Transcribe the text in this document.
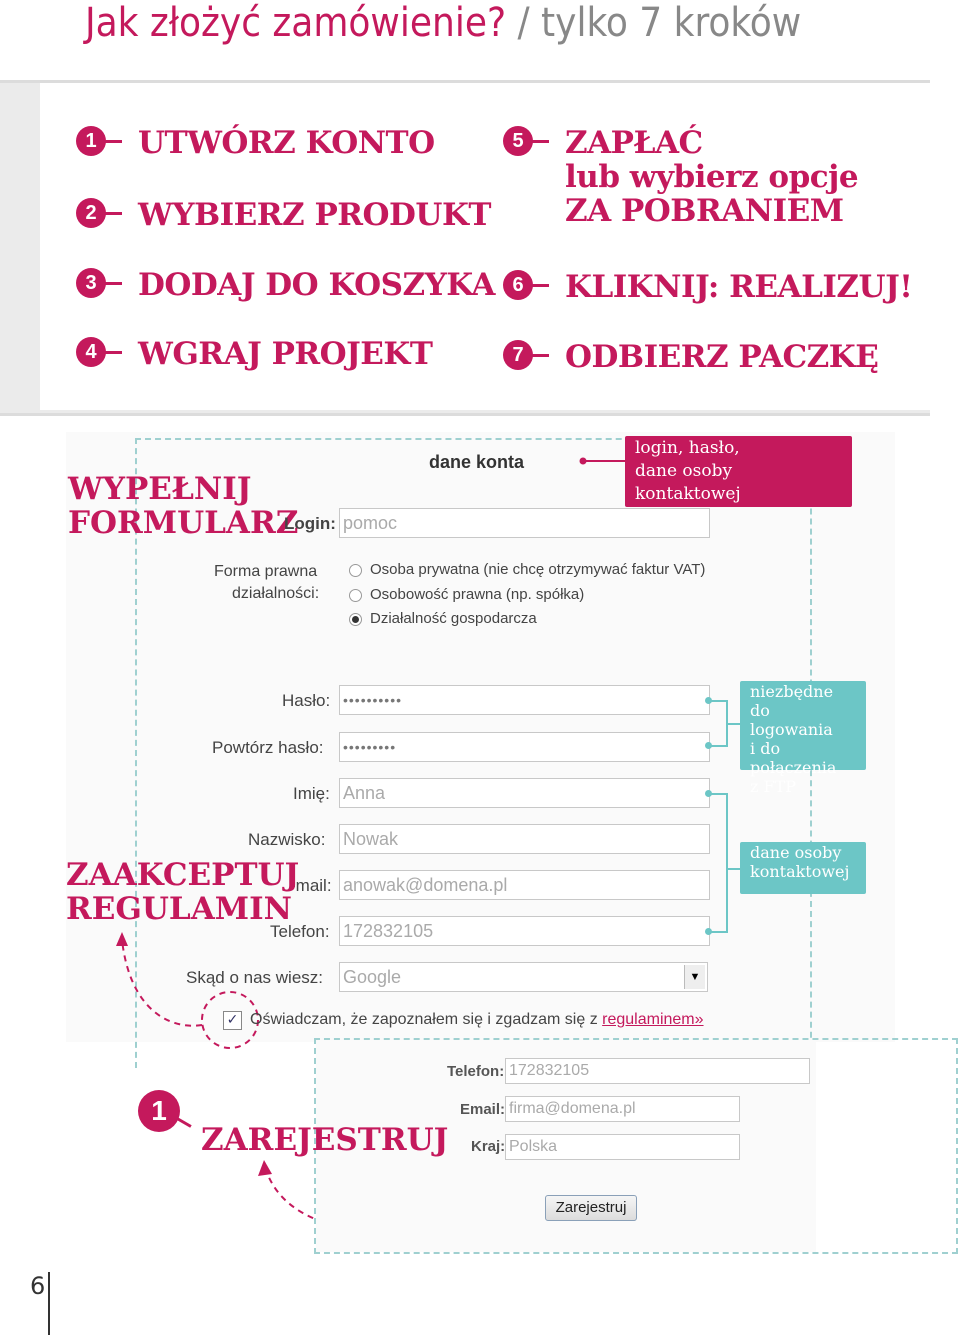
Jak złożyć zamówienie? / tylko 7 kroków
1	UTWÓRZ KONTO
2	WYBIERZ PRODUKT
3	DODAJ DO KOSZYKA
4	WGRAJ PROJEKT
5	ZAPŁAĆ
lub wybierz opcje
ZA POBRANIEM
6	KLIKNIJ: REALIZUJ!
7	ODBIERZ PACZKĘ
dane konta
WYPEŁNIJ
FORMULARZ
login, hasło,
dane osoby kontaktowej
Login: pomoc
Forma prawna
działalności:
Osoba prywatna (nie chcę otrzymywać faktur VAT)
Osobowość prawna (np. spółka)
Działalność gospodarcza
Hasło: ••••••••••
Powtórz hasło: •••••••••
Imię: Anna
Nazwisko: Nowak
-mail: anowak@domena.pl
Telefon: 172832105
Skąd o nas wiesz: Google	▼
ZAAKCEPTUJ
REGULAMIN
✓ Oświadczam, że zapoznałem się i zgadzam się z regulaminem»
niezbędne do
logowania
i do połączenia
z FTP
dane osoby
kontaktowej
Telefon: 172832105
Email: firma@domena.pl
Kraj: Polska
Zarejestruj
1
ZAREJESTRUJ
6
